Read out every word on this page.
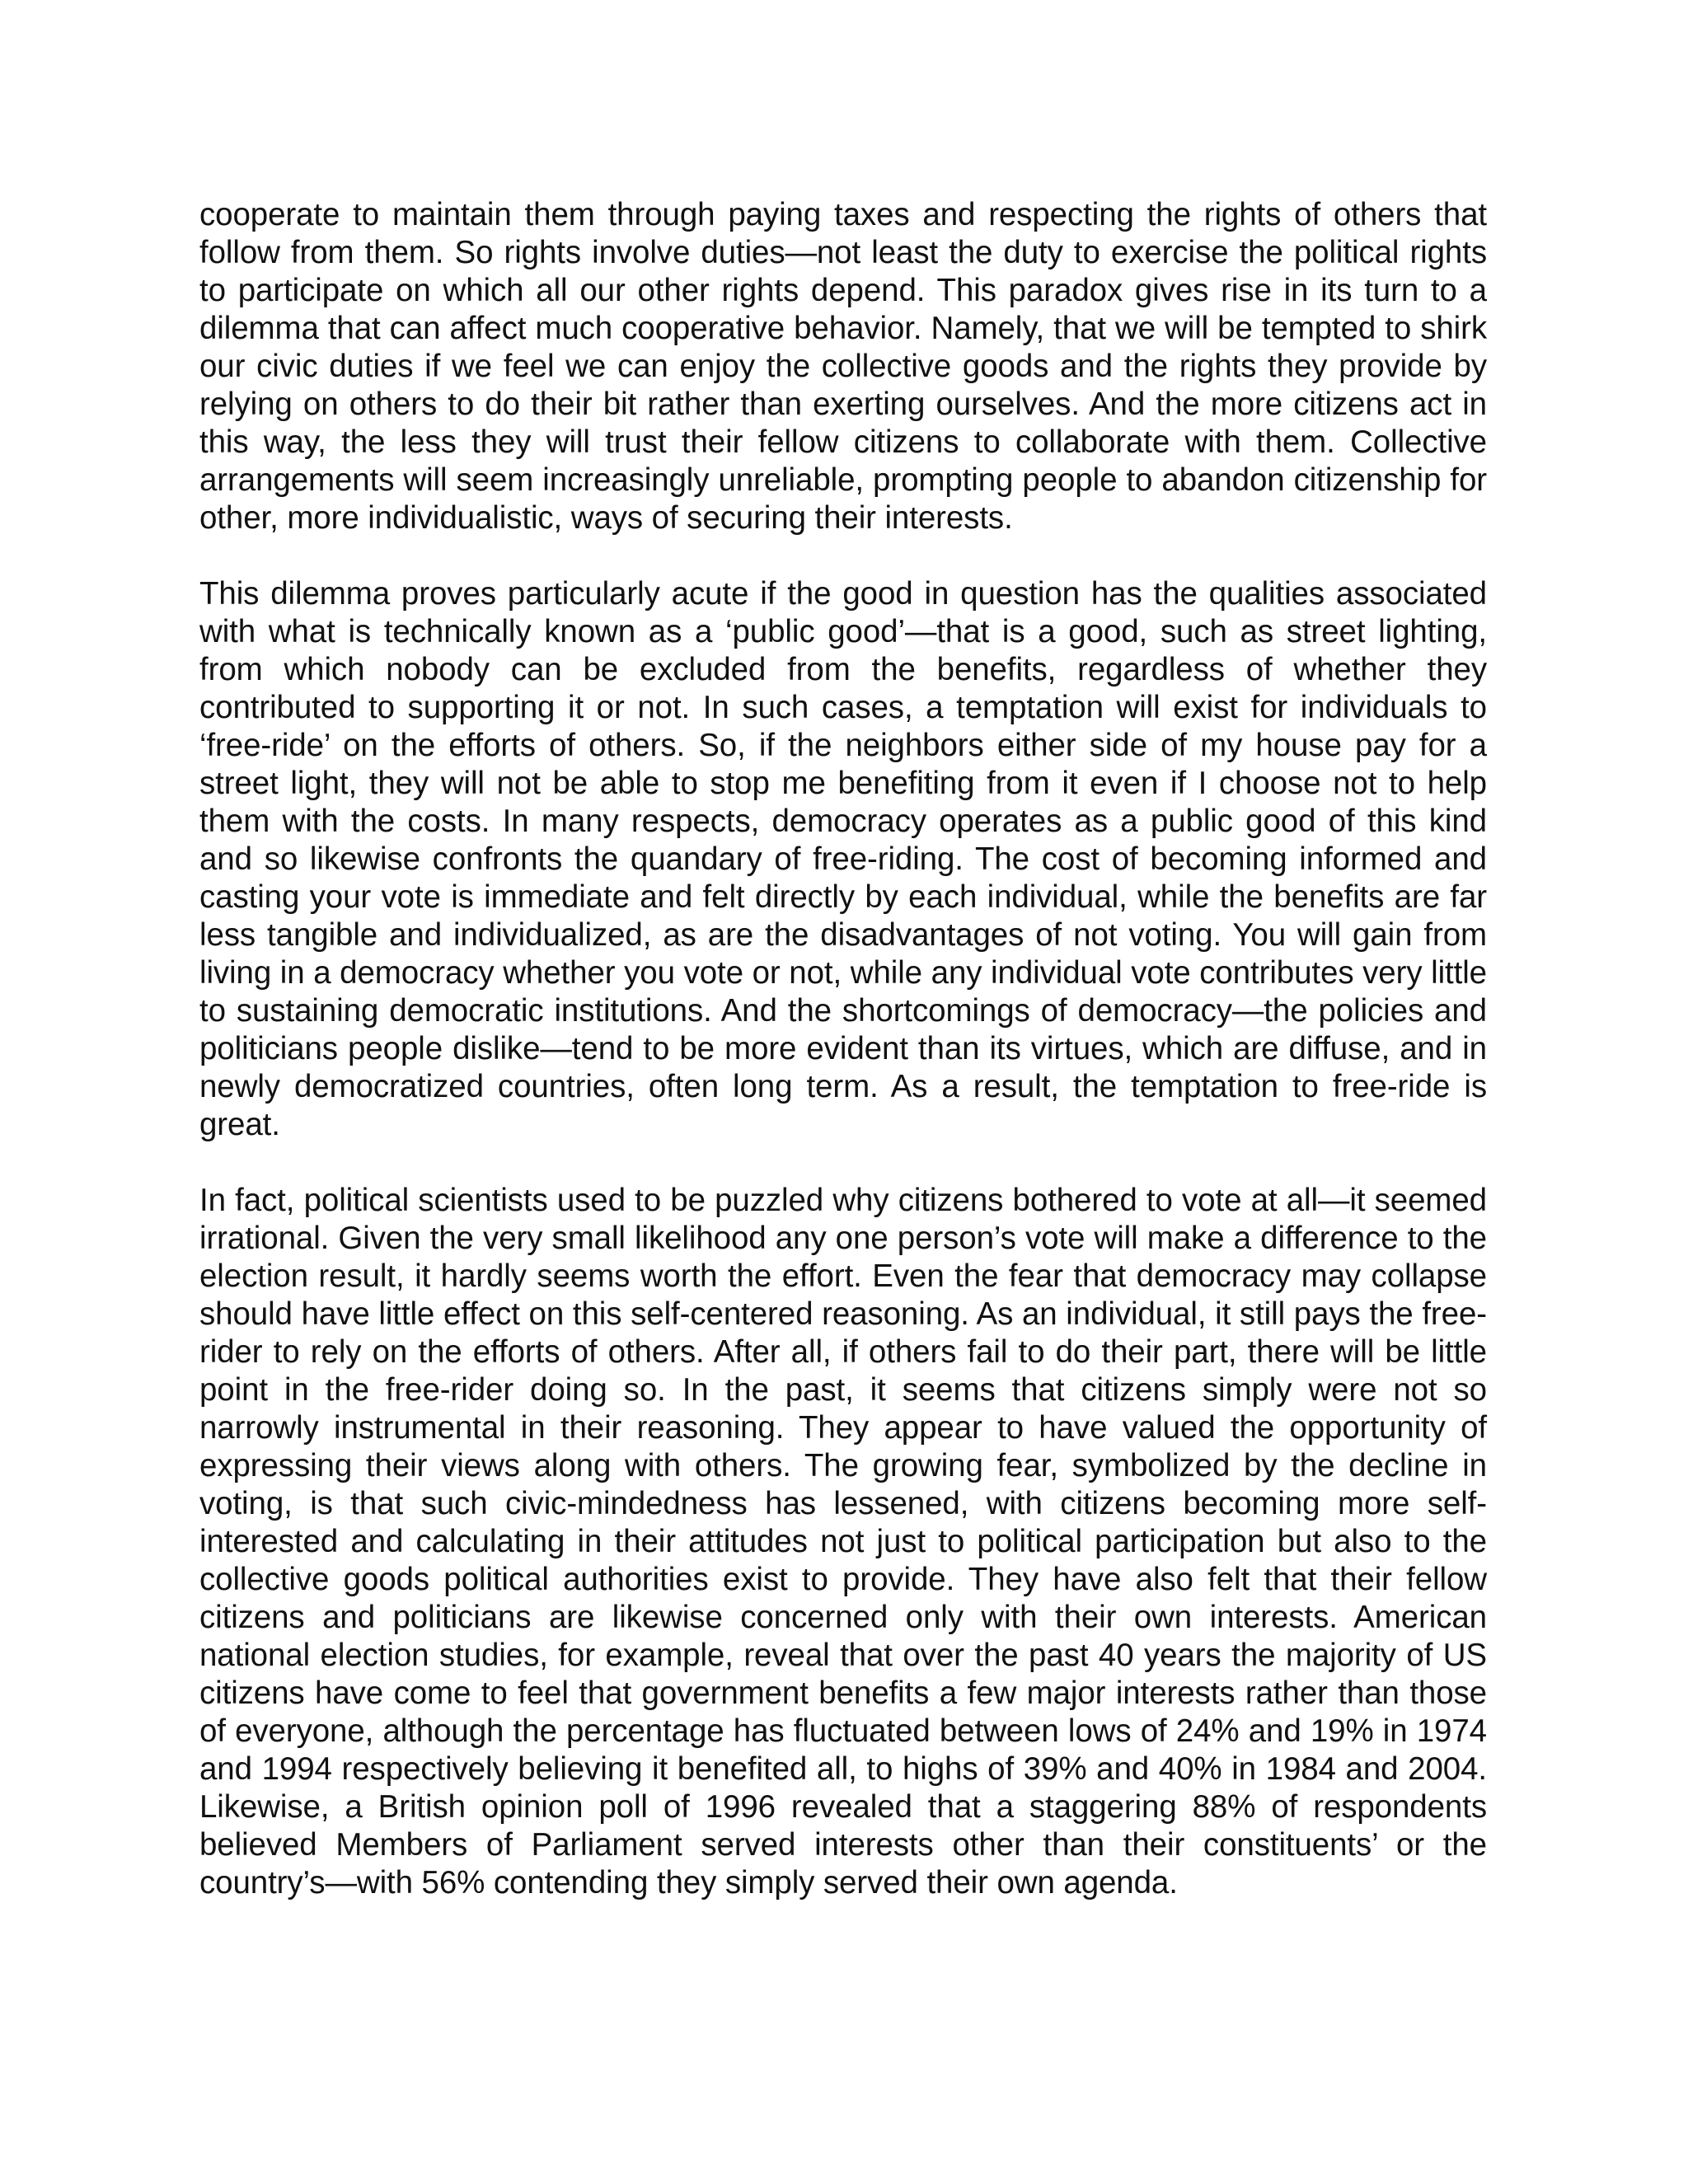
cooperate to maintain them through paying taxes and respecting the rights of others that follow from them. So rights involve duties—not least the duty to exercise the political rights to participate on which all our other rights depend. This paradox gives rise in its turn to a dilemma that can affect much cooperative behavior. Namely, that we will be tempted to shirk our civic duties if we feel we can enjoy the collective goods and the rights they provide by relying on others to do their bit rather than exerting ourselves. And the more citizens act in this way, the less they will trust their fellow citizens to collaborate with them. Collective arrangements will seem increasingly unreliable, prompting people to abandon citizenship for other, more individualistic, ways of securing their interests.

This dilemma proves particularly acute if the good in question has the qualities associated with what is technically known as a ‘public good’—that is a good, such as street lighting, from which nobody can be excluded from the benefits, regardless of whether they contributed to supporting it or not. In such cases, a temptation will exist for individuals to ‘free-ride’ on the efforts of others. So, if the neighbors either side of my house pay for a street light, they will not be able to stop me benefiting from it even if I choose not to help them with the costs. In many respects, democracy operates as a public good of this kind and so likewise confronts the quandary of free-riding. The cost of becoming informed and casting your vote is immediate and felt directly by each individual, while the benefits are far less tangible and individualized, as are the disadvantages of not voting. You will gain from living in a democracy whether you vote or not, while any individual vote contributes very little to sustaining democratic institutions. And the shortcomings of democracy—the policies and politicians people dislike—tend to be more evident than its virtues, which are diffuse, and in newly democratized countries, often long term. As a result, the temptation to free-ride is great.

In fact, political scientists used to be puzzled why citizens bothered to vote at all—it seemed irrational. Given the very small likelihood any one person’s vote will make a difference to the election result, it hardly seems worth the effort. Even the fear that democracy may collapse should have little effect on this self-centered reasoning. As an individual, it still pays the free-rider to rely on the efforts of others. After all, if others fail to do their part, there will be little point in the free-rider doing so. In the past, it seems that citizens simply were not so narrowly instrumental in their reasoning. They appear to have valued the opportunity of expressing their views along with others. The growing fear, symbolized by the decline in voting, is that such civic-mindedness has lessened, with citizens becoming more self-interested and calculating in their attitudes not just to political participation but also to the collective goods political authorities exist to provide. They have also felt that their fellow citizens and politicians are likewise concerned only with their own interests. American national election studies, for example, reveal that over the past 40 years the majority of US citizens have come to feel that government benefits a few major interests rather than those of everyone, although the percentage has fluctuated between lows of 24% and 19% in 1974 and 1994 respectively believing it benefited all, to highs of 39% and 40% in 1984 and 2004. Likewise, a British opinion poll of 1996 revealed that a staggering 88% of respondents believed Members of Parliament served interests other than their constituents’ or the country’s—with 56% contending they simply served their own agenda.
